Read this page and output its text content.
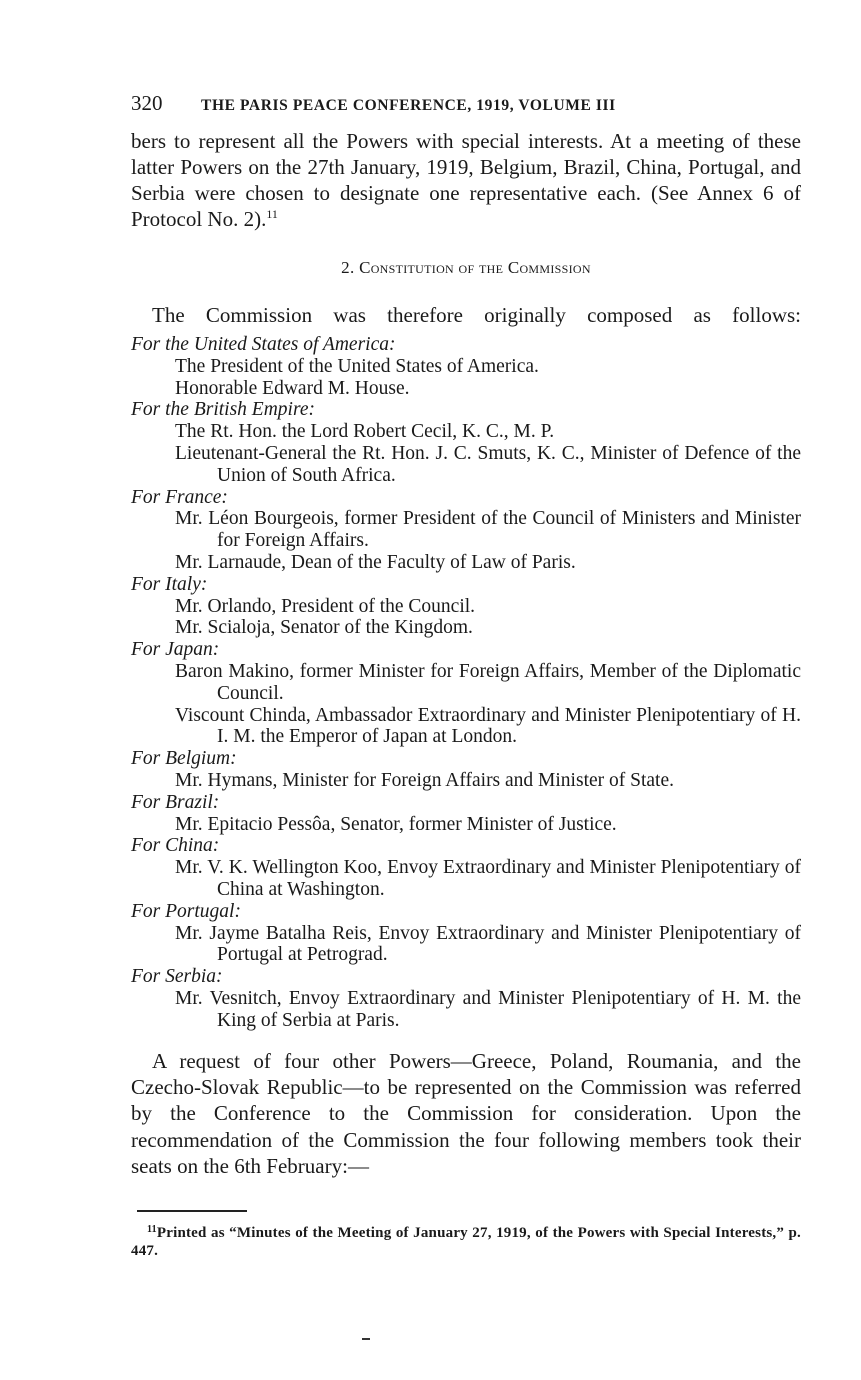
320 THE PARIS PEACE CONFERENCE, 1919, VOLUME III

bers to represent all the Powers with special interests. At a meeting of these latter Powers on the 27th January, 1919, Belgium, Brazil, China, Portugal, and Serbia were chosen to designate one representative each. (See Annex 6 of Protocol No. 2).$^{11}$

2. Constitution of the Commission

The Commission was therefore originally composed as follows:

For the United States of America:

The President of the United States of America.

Honorable Edward M. House.

For the British Empire:

The Rt. Hon. the Lord Robert Cecil, K. C., M. P.

Lieutenant-General the Rt. Hon. J. C. Smuts, K. C., Minister of Defence of the Union of South Africa.

For France:

Mr. Léon Bourgeois, former President of the Council of Ministers and Minister for Foreign Affairs.

Mr. Larnaude, Dean of the Faculty of Law of Paris.

For Italy:

Mr. Orlando, President of the Council.

Mr. Scialoja, Senator of the Kingdom.

For Japan:

Baron Makino, former Minister for Foreign Affairs, Member of the Diplomatic Council.

Viscount Chinda, Ambassador Extraordinary and Minister Plenipotentiary of H. I. M. the Emperor of Japan at London.

For Belgium:

Mr. Hymans, Minister for Foreign Affairs and Minister of State.

For Brazil:

Mr. Epitacio Pessôa, Senator, former Minister of Justice.

For China:

Mr. V. K. Wellington Koo, Envoy Extraordinary and Minister Plenipotentiary of China at Washington.

For Portugal:

Mr. Jayme Batalha Reis, Envoy Extraordinary and Minister Plenipotentiary of Portugal at Petrograd.

For Serbia:

Mr. Vesnitch, Envoy Extraordinary and Minister Plenipotentiary of H. M. the King of Serbia at Paris.

A request of four other Powers—Greece, Poland, Roumania, and the Czecho-Slovak Republic—to be represented on the Commission was referred by the Conference to the Commission for consideration. Upon the recommendation of the Commission the four following members took their seats on the 6th February:—

$^{11}$Printed as “Minutes of the Meeting of January 27, 1919, of the Powers with Special Interests,” p. 447.
